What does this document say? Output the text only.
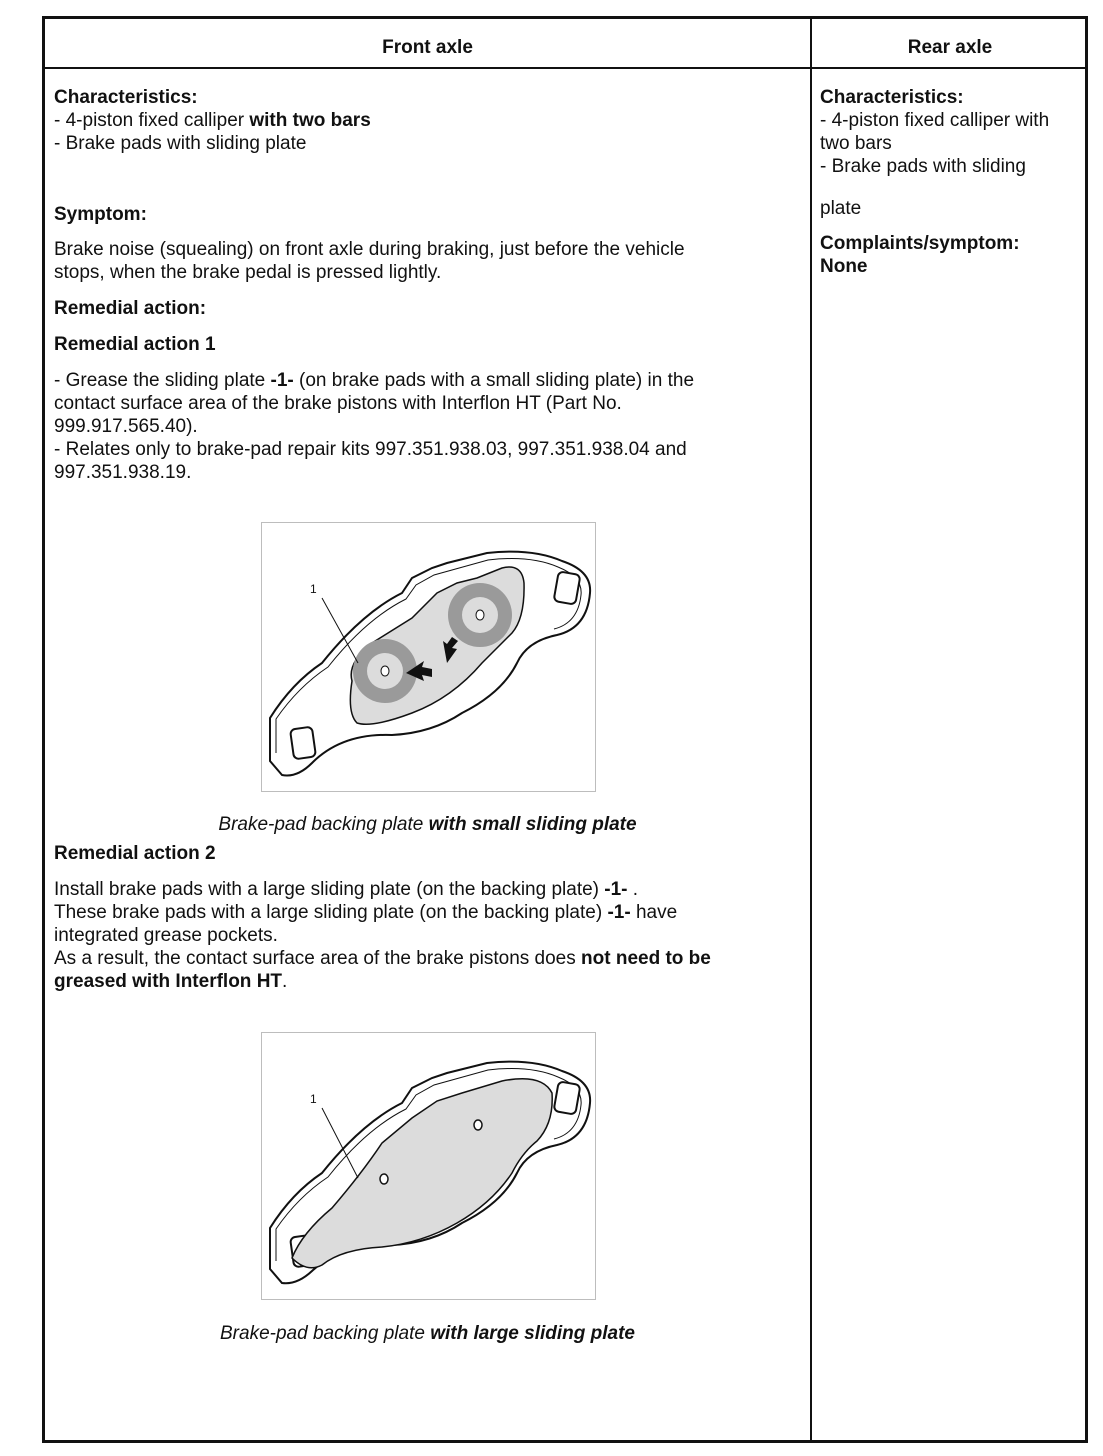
Front axle	Rear axle
Characteristics:
- 4-piston fixed calliper with two bars
- Brake pads with sliding plate
Symptom:
Brake noise (squealing) on front axle during braking, just before the vehicle
stops, when the brake pedal is pressed lightly.
Remedial action:
Remedial action 1
- Grease the sliding plate -1- (on brake pads with a small sliding plate) in the
contact surface area of the brake pistons with Interflon HT (Part No.
999.917.565.40).
- Relates only to brake-pad repair kits 997.351.938.03, 997.351.938.04 and
997.351.938.19.
1
Brake-pad backing plate with small sliding plate
Remedial action 2
Install brake pads with a large sliding plate (on the backing plate) -1- .
These brake pads with a large sliding plate (on the backing plate) -1- have
integrated grease pockets.
As a result, the contact surface area of the brake pistons does not need to be
greased with Interflon HT.
1
Brake-pad backing plate with large sliding plate
Characteristics:
- 4-piston fixed calliper with
two bars
- Brake pads with sliding
plate
Complaints/symptom:
None
